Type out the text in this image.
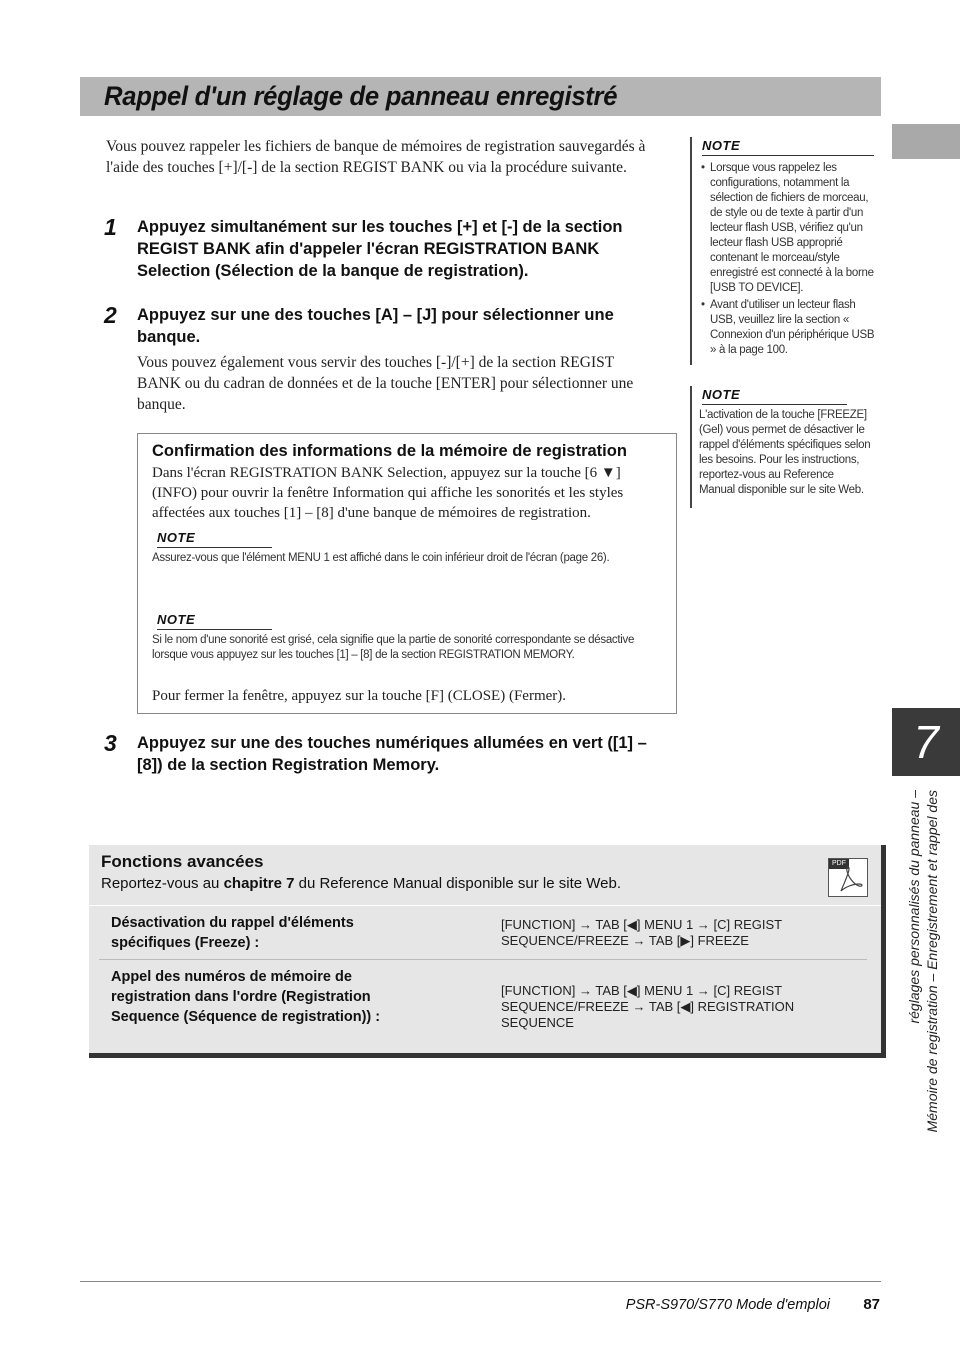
Rappel d'un réglage de panneau enregistré
Vous pouvez rappeler les fichiers de banque de mémoires de registration sauvegardés à l'aide des touches [+]/[-] de la section REGIST BANK ou via la procédure suivante.
1 Appuyez simultanément sur les touches [+] et [-] de la section REGIST BANK afin d'appeler l'écran REGISTRATION BANK Selection (Sélection de la banque de registration).
2 Appuyez sur une des touches [A] – [J] pour sélectionner une banque.
Vous pouvez également vous servir des touches [-]/[+] de la section REGIST BANK ou du cadran de données et de la touche [ENTER] pour sélectionner une banque.
Confirmation des informations de la mémoire de registration
Dans l'écran REGISTRATION BANK Selection, appuyez sur la touche [6 ▼] (INFO) pour ouvrir la fenêtre Information qui affiche les sonorités et les styles affectées aux touches [1] – [8] d'une banque de mémoires de registration.
NOTE
Assurez-vous que l'élément MENU 1 est affiché dans le coin inférieur droit de l'écran (page 26).
NOTE
Si le nom d'une sonorité est grisé, cela signifie que la partie de sonorité correspondante se désactive lorsque vous appuyez sur les touches [1] – [8] de la section REGISTRATION MEMORY.
Pour fermer la fenêtre, appuyez sur la touche [F] (CLOSE) (Fermer).
3 Appuyez sur une des touches numériques allumées en vert ([1] – [8]) de la section Registration Memory.
NOTE
• Lorsque vous rappelez les configurations, notamment la sélection de fichiers de morceau, de style ou de texte à partir d'un lecteur flash USB, vérifiez qu'un lecteur flash USB approprié contenant le morceau/style enregistré est connecté à la borne [USB TO DEVICE].
• Avant d'utiliser un lecteur flash USB, veuillez lire la section « Connexion d'un périphérique USB » à la page 100.
NOTE
L'activation de la touche [FREEZE] (Gel) vous permet de désactiver le rappel d'éléments spécifiques selon les besoins. Pour les instructions, reportez-vous au Reference Manual disponible sur le site Web.
7
réglages personnalisés du panneau – Mémoire de registration – Enregistrement et rappel des
Fonctions avancées
Reportez-vous au chapitre 7 du Reference Manual disponible sur le site Web.
PDF
Désactivation du rappel d'éléments spécifiques (Freeze) :
[FUNCTION] → TAB [◀] MENU 1 → [C] REGIST SEQUENCE/FREEZE → TAB [▶] FREEZE
Appel des numéros de mémoire de registration dans l'ordre (Registration Sequence (Séquence de registration)) :
[FUNCTION] → TAB [◀] MENU 1 → [C] REGIST SEQUENCE/FREEZE → TAB [◀] REGISTRATION SEQUENCE
PSR-S970/S770 Mode d'emploi	87
